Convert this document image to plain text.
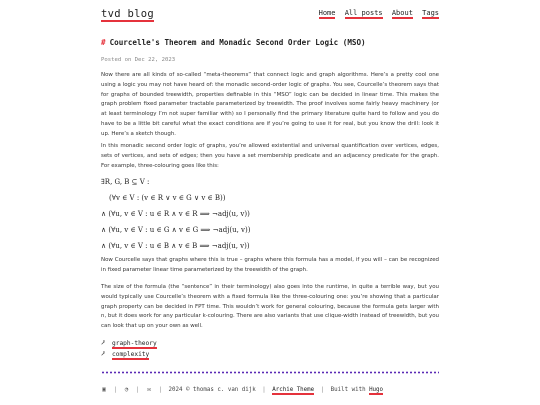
tvd blog	Home All posts About Tags
# Courcelle's Theorem and Monadic Second Order Logic (MSO)
Posted on Dec 22, 2023

Now there are all kinds of so-called “meta-theorems” that connect logic and graph algorithms. Here’s a pretty cool one using a logic you may not have heard of: the monadic second-order logic of graphs. You see, Courcelle’s theorem says that for graphs of bounded treewidth, properties definable in this “MSO” logic can be decided in linear time. This makes the graph problem fixed parameter tractable parameterized by treewidth. The proof involves some fairly heavy machinery (or at least terminology I’m not super familiar with) so I personally find the primary literature quite hard to follow and you do have to be a little bit careful what the exact conditions are if you’re going to use it for real, but you know the drill: look it up. Here’s a sketch though.

In this monadic second order logic of graphs, you’re allowed existential and universal quantification over vertices, edges, sets of vertices, and sets of edges; then you have a set membership predicate and an adjacency predicate for the graph. For example, three-colouring goes like this:

∃R, G, B ⊆ V :
(∀v ∈ V : (v ∈ R ∨ v ∈ G ∨ v ∈ B))
∧ (∀u, v ∈ V : u ∈ R ∧ v ∈ R ⟹ ¬adj(u, v))
∧ (∀u, v ∈ V : u ∈ G ∧ v ∈ G ⟹ ¬adj(u, v))
∧ (∀u, v ∈ V : u ∈ B ∧ v ∈ B ⟹ ¬adj(u, v))

Now Courcelle says that graphs where this is true – graphs where this formula has a model, if you will – can be recognized in fixed parameter linear time parameterized by the treewidth of the graph.

The size of the formula (the “sentence” in their terminology) also goes into the runtime, in quite a terrible way, but you would typically use Courcelle’s theorem with a fixed formula like the three-colouring one: you’re showing that a particular graph property can be decided in FPT time. This wouldn’t work for general colouring, because the formula gets larger with n, but it does work for any particular k-colouring. There are also variants that use clique-width instead of treewidth, but you can look that up on your own as well.

⭷ graph-theory
⭷ complexity
▣ | ◔ | ✉ | 2024 © thomas c. van dijk | Archie Theme | Built with Hugo
